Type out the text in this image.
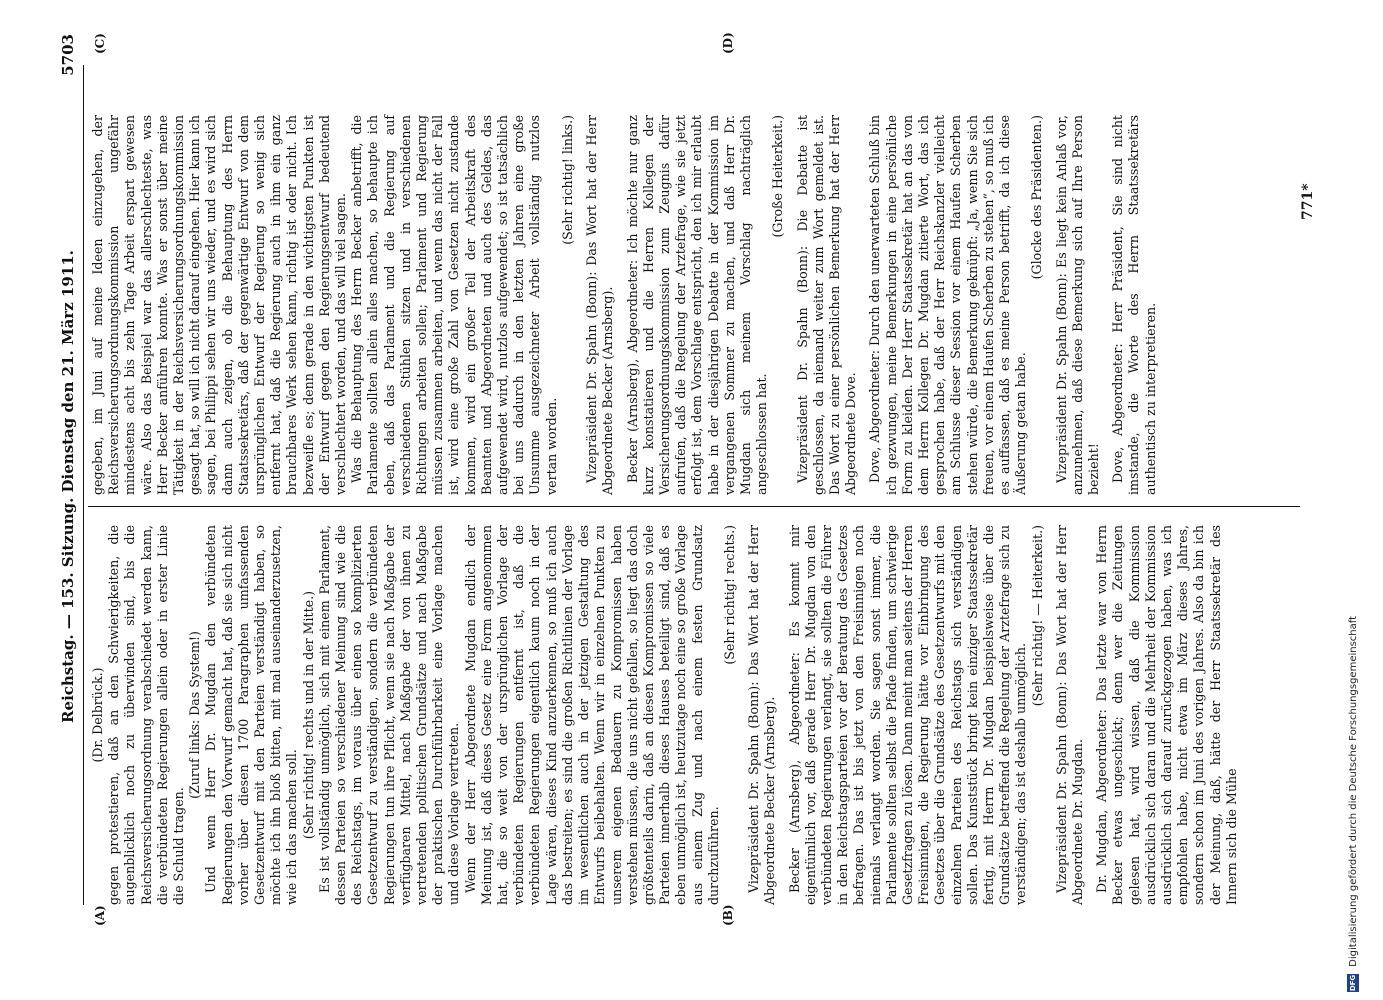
Reichstag. — 153. Sitzung. Dienstag den 21. März 1911.
5703
(A)	(B)
(C)	(D)

(Dr. Delbrück.) gegen protestieren, daß an den Schwierigkeiten, die augenblicklich noch zu überwinden sind, bis die Reichsversicherungsordnung verabschiedet werden kann, die verbündeten Regierungen allein oder in erster Linie die Schuld tragen.

(Zuruf links: Das System!) Und wenn Herr Dr. Mugdan den verbündeten Regierungen den Vorwurf gemacht hat, daß sie sich nicht vorher über diesen 1700 Paragraphen umfassenden Gesetzentwurf mit den Parteien verständigt haben, so möchte ich ihn bloß bitten, mit mal auseinanderzusetzen, wie ich das machen soll. (Sehr richtig! rechts und in der Mitte.) Es ist vollständig unmöglich, sich mit einem Parlament, dessen Parteien so verschiedener Meinung sind wie die des Reichstags, im voraus über einen so komplizierten Gesetzentwurf zu verständigen, sondern die verbündeten Regierungen tun ihre Pflicht, wenn sie nach Maßgabe der verfügbaren Mittel, nach Maßgabe der von ihnen zu vertretenden politischen Grundsätze und nach Maßgabe der praktischen Durchführbarkeit eine Vorlage machen und diese Vorlage vertreten. Wenn der Herr Abgeordnete Mugdan endlich der Meinung ist, daß dieses Gesetz eine Form angenommen hat, die so weit von der ursprünglichen Vorlage der verbündeten Regierungen entfernt ist, daß die verbündeten Regierungen eigentlich kaum noch in der Lage wären, dieses Kind anzuerkennen, so muß ich auch das bestreiten; es sind die großen Richtlinien der Vorlage im wesentlichen auch in der jetzigen Gestaltung des Entwurfs beibehalten. Wenn wir in einzelnen Punkten zu unserem eigenen Bedauern zu Kompromissen haben verstehen müssen, die uns nicht gefallen, so liegt das doch größtenteils darin, daß an diesen Kompromissen so viele Parteien innerhalb dieses Hauses beteiligt sind, daß es eben unmöglich ist, heutzutage noch eine so große Vorlage aus einem Zug und nach einem festen Grundsatz durchzuführen.

(Sehr richtig! rechts.) Vizepräsident Dr. Spahn (Bonn): Das Wort hat der Herr Abgeordnete Becker (Arnsberg). Becker (Arnsberg), Abgeordneter: Es kommt mir eigentümlich vor, daß gerade Herr Dr. Mugdan von den verbündeten Regierungen verlangt, sie sollten die Führer in den Reichstagsparteien vor der Beratung des Gesetzes befragen. Das ist bis jetzt von den Freisinnigen noch niemals verlangt worden. Sie sagen sonst immer, die Parlamente sollten selbst die Pfade finden, um schwierige Gesetzfragen zu lösen. Dann meint man seitens der Herren Freisinnigen, die Regierung hätte vor Einbringung des Gesetzes über die Grundsätze des Gesetzentwurfs mit den einzelnen Parteien des Reichstags sich verständigen sollen. Das Kunststück bringt kein einziger Staatssekretär fertig, mit Herrn Dr. Mugdan beispielsweise über die Grundsätze betreffend die Regelung der Arztefrage sich zu verständigen; das ist deshalb unmöglich.

(Sehr richtig! — Heiterkeit.) Vizepräsident Dr. Spahn (Bonn): Das Wort hat der Herr Abgeordnete Dr. Mugdan. Dr. Mugdan, Abgeordneter: Das letzte war von Herrn Becker etwas ungeschickt; denn wer die Zeitungen gelesen hat, wird wissen, daß die Kommission ausdrücklich sich daran und die Mehrheit der Kommission ausdrücklich sich darauf zurückgezogen haben, was ich empfohlen habe, nicht etwa im März dieses Jahres, sondern schon im Juni des vorigen Jahres. Also da bin ich der Meinung, daß, hätte der Herr Staatssekretär des Innern sich die Mühe

gegeben, im Juni auf meine Ideen einzugehen, der Reichsversicherungsordnungskommission ungefähr mindestens acht bis zehn Tage Arbeit erspart gewesen wäre. Also das Beispiel war das allerschlechteste, was Herr Becker anführen konnte. Was er sonst über meine Tätigkeit in der Reichsversicherungsordnungskommission gesagt hat, so will ich nicht darauf eingehen. Hier kann ich sagen, bei Philippi sehen wir uns wieder, und es wird sich dann auch zeigen, ob die Behauptung des Herrn Staatssekretärs, daß der gegenwärtige Entwurf von dem ursprünglichen Entwurf der Regierung so wenig sich entfernt hat, daß die Regierung auch in ihm ein ganz brauchbares Werk sehen kann, richtig ist oder nicht. Ich bezweifle es; denn gerade in den wichtigsten Punkten ist der Entwurf gegen den Regierungsentwurf bedeutend verschlechtert worden, und das will viel sagen. Was die Behauptung des Herrn Becker anbetrifft, die Parlamente sollten allein alles machen, so behaupte ich eben, daß das Parlament und die Regierung auf verschiedenen Stühlen sitzen und in verschiedenen Richtungen arbeiten sollen; Parlament und Regierung müssen zusammen arbeiten, und wenn das nicht der Fall ist, wird eine große Zahl von Gesetzen nicht zustande kommen, wird ein großer Teil der Arbeitskraft des Beamten und Abgeordneten und auch des Geldes, das aufgewendet wird, nutzlos aufgewendet; so ist tatsächlich bei uns dadurch in den letzten Jahren eine große Unsumme ausgezeichneter Arbeit vollständig nutzlos vertan worden.

(Sehr richtig! links.) Vizepräsident Dr. Spahn (Bonn): Das Wort hat der Herr Abgeordnete Becker (Arnsberg). Becker (Arnsberg), Abgeordneter: Ich möchte nur ganz kurz konstatieren und die Herren Kollegen der Versicherungsordnungskommission zum Zeugnis dafür aufrufen, daß die Regelung der Arztefrage, wie sie jetzt erfolgt ist, dem Vorschlage entspricht, den ich mir erlaubt habe in der diesjährigen Debatte in der Kommission im vergangenen Sommer zu machen, und daß Herr Dr. Mugdan sich meinem Vorschlag nachträglich angeschlossen hat.

(Große Heiterkeit.) Vizepräsident Dr. Spahn (Bonn): Die Debatte ist geschlossen, da niemand weiter zum Wort gemeldet ist. Das Wort zu einer persönlichen Bemerkung hat der Herr Abgeordnete Dove. Dove, Abgeordneter: Durch den unerwarteten Schluß bin ich gezwungen, meine Bemerkungen in eine persönliche Form zu kleiden. Der Herr Staatssekretär hat an das von dem Herrn Kollegen Dr. Mugdan zitierte Wort, das ich gesprochen habe, daß der Herr Reichskanzler vielleicht am Schlusse dieser Session vor einem Haufen Scherben stehen würde, die Bemerkung geknüpft: „Ja, wenn Sie sich freuen, vor einem Haufen Scherben zu stehen“, so muß ich es auffassen, daß es meine Person betrifft, da ich diese Äußerung getan habe.

(Glocke des Präsidenten.) Vizepräsident Dr. Spahn (Bonn): Es liegt kein Anlaß vor, anzunehmen, daß diese Bemerkung sich auf Ihre Person bezieht! Dove, Abgeordneter: Herr Präsident, Sie sind nicht imstande, die Worte des Herrn Staatssekretärs authentisch zu interpretieren.

771*
DFG Digitalisierung gefördert durch die Deutsche Forschungsgemeinschaft
